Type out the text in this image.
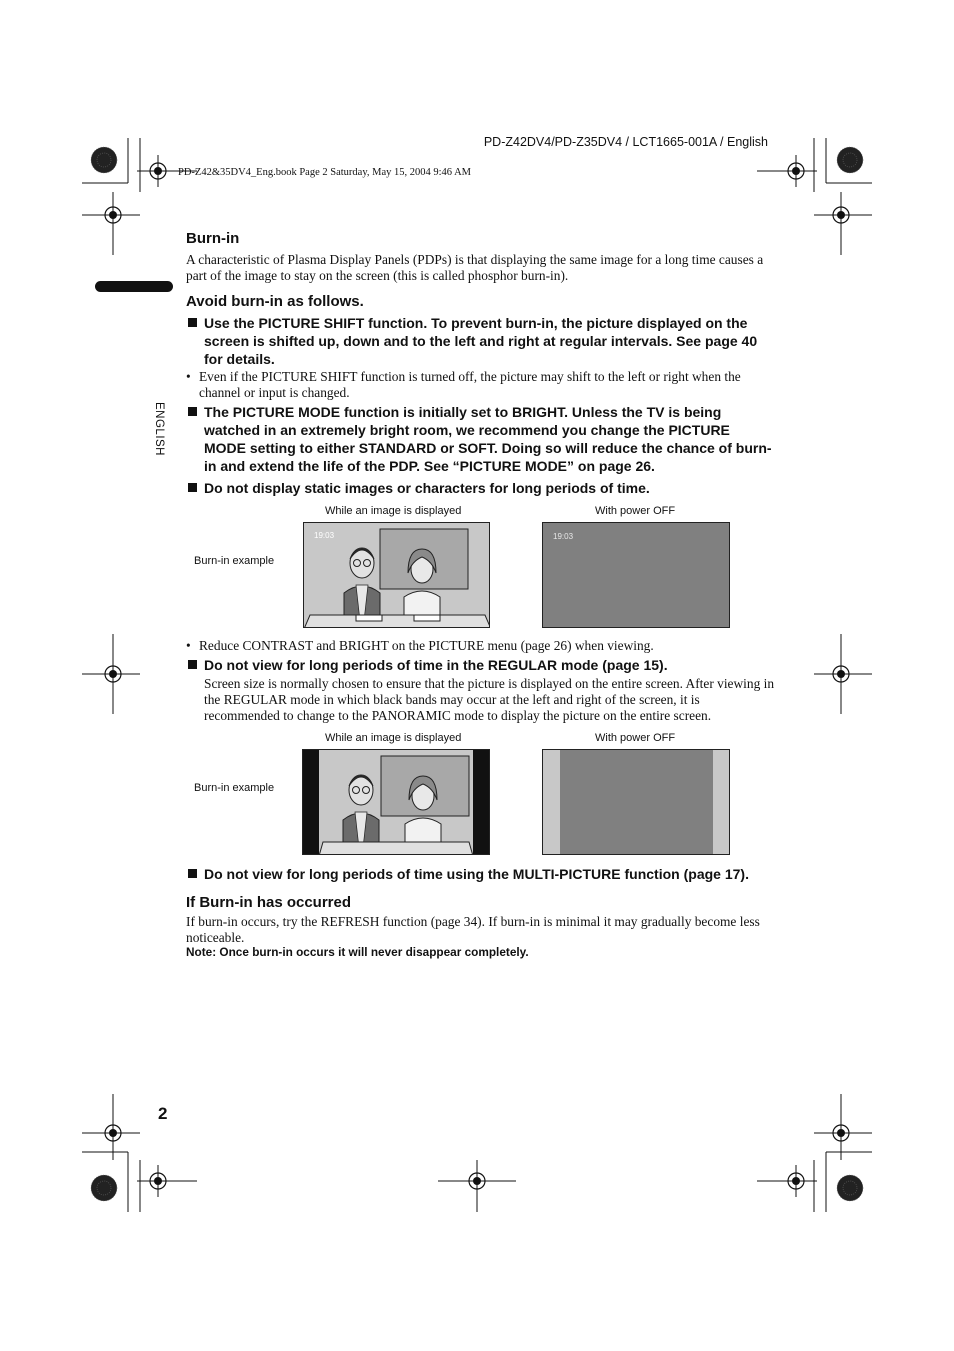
PD-Z42DV4/PD-Z35DV4 / LCT1665-001A / English
PD-Z42&35DV4_Eng.book Page 2 Saturday, May 15, 2004 9:46 AM
ENGLISH
Burn-in
A characteristic of Plasma Display Panels (PDPs) is that displaying the same image for a long time causes a part of the image to stay on the screen (this is called phosphor burn-in).
Avoid burn-in as follows.
Use the PICTURE SHIFT function. To prevent burn-in, the picture displayed on the screen is shifted up, down and to the left and right at regular intervals. See page 40 for details.
• Even if the PICTURE SHIFT function is turned off, the picture may shift to the left or right when the channel or input is changed.
The PICTURE MODE function is initially set to BRIGHT. Unless the TV is being watched in an extremely bright room, we recommend you change the PICTURE MODE setting to either STANDARD or SOFT. Doing so will reduce the chance of burn-in and extend the life of the PDP. See “PICTURE MODE” on page 26.
Do not display static images or characters for long periods of time.
While an image is displayed	With power OFF
Burn-in example
19:03	19:03
• Reduce CONTRAST and BRIGHT on the PICTURE menu (page 26) when viewing.
Do not view for long periods of time in the REGULAR mode (page 15).
Screen size is normally chosen to ensure that the picture is displayed on the entire screen. After viewing in the REGULAR mode in which black bands may occur at the left and right of the screen, it is recommended to change to the PANORAMIC mode to display the picture on the entire screen.
While an image is displayed	With power OFF
Burn-in example
Do not view for long periods of time using the MULTI-PICTURE function (page 17).
If Burn-in has occurred
If burn-in occurs, try the REFRESH function (page 34). If burn-in is minimal it may gradually become less noticeable.
Note: Once burn-in occurs it will never disappear completely.
2
